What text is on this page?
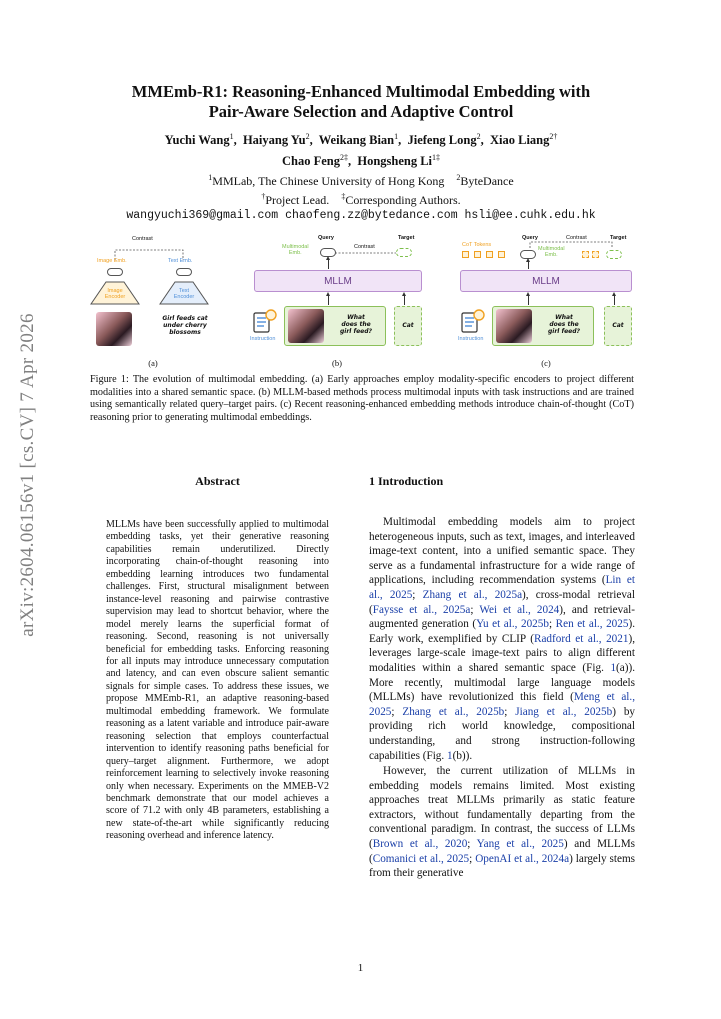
arXiv:2604.06156v1 [cs.CV] 7 Apr 2026
MMEmb-R1: Reasoning-Enhanced Multimodal Embedding with
Pair-Aware Selection and Adaptive Control
Yuchi Wang$^1$,  Haiyang Yu$^2$,  Weikang Bian$^1$,  Jiefeng Long$^2$,  Xiao Liang$^{2\dagger}$
Chao Feng$^{2\ddagger}$,  Hongsheng $Li^{1\ddagger}$
$^1$MMLab, The Chinese University of Hong Kong $^2$ByteDance
†Project Lead. ‡Corresponding Authors.
wangyuchi369@gmail.com chaofeng.zz@bytedance.com hsli@ee.cuhk.edu.hk
Contrast
Image Emb.	Text Emb.
Image
Encoder
Text
Encoder
Girl feeds cat
under cherry
blossoms
(a)
Query	Target
Multimodal
Emb.
Contrast
MLLM
Instruction
What
does the
girl feed?
Cat
(b)
Query	Contrast	Target
CoT Tokens
Multimodal
Emb.
MLLM
Instruction
What
does the
girl feed?
Cat
(c)
Figure 1: The evolution of multimodal embedding. (a) Early approaches employ modality-specific encoders to project different modalities into a shared semantic space. (b) MLLM-based methods process multimodal inputs with task instructions and are trained using semantically related query–target pairs. (c) Recent reasoning-enhanced embedding methods introduce chain-of-thought (CoT) reasoning prior to generating multimodal embeddings.
Abstract
MLLMs have been successfully applied to multimodal embedding tasks, yet their generative reasoning capabilities remain underutilized. Directly incorporating chain-of-thought reasoning into embedding learning introduces two fundamental challenges. First, structural misalignment between instance-level reasoning and pairwise contrastive supervision may lead to shortcut behavior, where the model merely learns the superficial format of reasoning. Second, reasoning is not universally beneficial for embedding tasks. Enforcing reasoning for all inputs may introduce unnecessary computation and latency, and can even obscure salient semantic signals for simple cases. To address these issues, we propose MMEmb-R1, an adaptive reasoning-based multimodal embedding framework. We formulate reasoning as a latent variable and introduce pair-aware reasoning selection that employs counterfactual intervention to identify reasoning paths beneficial for query–target alignment. Furthermore, we adopt reinforcement learning to selectively invoke reasoning only when necessary. Experiments on the MMEB-V2 benchmark demonstrate that our model achieves a score of 71.2 with only 4B parameters, establishing a new state-of-the-art while significantly reducing reasoning overhead and inference latency.
1 Introduction

Multimodal embedding models aim to project heterogeneous inputs, such as text, images, and interleaved image-text content, into a unified semantic space. They serve as a fundamental infrastructure for a wide range of applications, including recommendation systems (Lin et al., 2025; Zhang et al., 2025a), cross-modal retrieval (Faysse et al., 2025a; Wei et al., 2024), and retrieval-augmented generation (Yu et al., 2025b; Ren et al., 2025). Early work, exemplified by CLIP (Radford et al., 2021), leverages large-scale image-text pairs to align different modalities within a shared semantic space (Fig. 1(a)). More recently, multimodal large language models (MLLMs) have revolutionized this field (Meng et al., 2025; Zhang et al., 2025b; Jiang et al., 2025b) by providing rich world knowledge, compositional understanding, and strong instruction-following capabilities (Fig. 1(b)).

However, the current utilization of MLLMs in embedding models remains limited. Most existing approaches treat MLLMs primarily as static feature extractors, without fundamentally departing from the conventional paradigm. In contrast, the success of LLMs (Brown et al., 2020; Yang et al., 2025) and MLLMs (Comanici et al., 2025; OpenAI et al., 2024a) largely stems from their generative

1
